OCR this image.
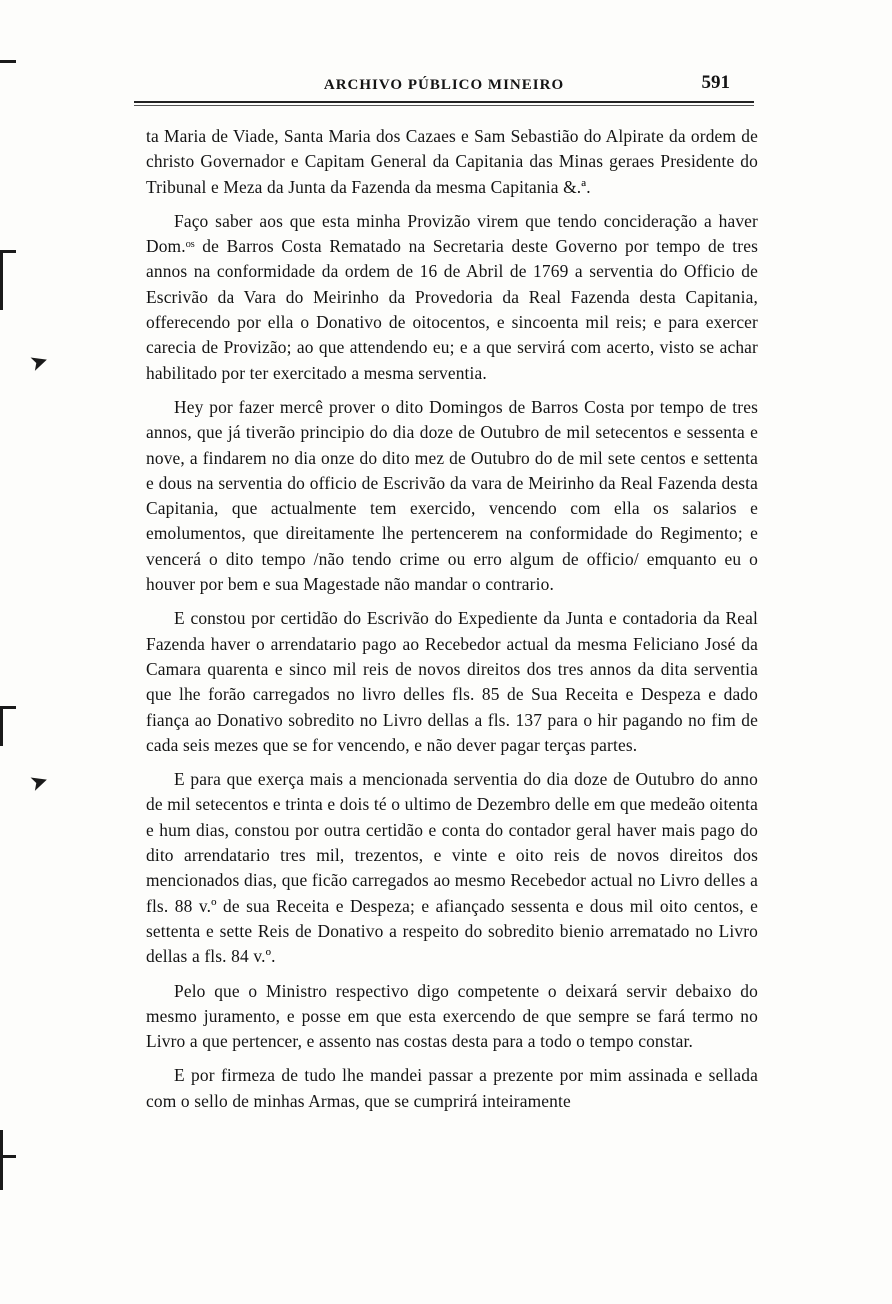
➤
➤
ARCHIVO PÚBLICO MINEIRO	591

ta Maria de Viade, Santa Maria dos Cazaes e Sam Sebastião do Alpirate da ordem de christo Governador e Capitam General da Capitania das Minas geraes Presidente do Tribunal e Meza da Junta da Fazenda da mesma Capitania &.ª.

Faço saber aos que esta minha Provizão virem que tendo concideração a haver Dom.ᵒˢ de Barros Costa Rematado na Secretaria deste Governo por tempo de tres annos na conformidade da ordem de 16 de Abril de 1769 a serventia do Officio de Escrivão da Vara do Meirinho da Provedoria da Real Fazenda desta Capitania, offerecendo por ella o Donativo de oitocentos, e sincoenta mil reis; e para exercer carecia de Provizão; ao que attendendo eu; e a que servirá com acerto, visto se achar habilitado por ter exercitado a mesma serventia.

Hey por fazer mercê prover o dito Domingos de Barros Costa por tempo de tres annos, que já tiverão principio do dia doze de Outubro de mil setecentos e sessenta e nove, a findarem no dia onze do dito mez de Outubro do de mil sete centos e settenta e dous na serventia do officio de Escrivão da vara de Meirinho da Real Fazenda desta Capitania, que actualmente tem exercido, vencendo com ella os salarios e emolumentos, que direitamente lhe pertencerem na conformidade do Regimento; e vencerá o dito tempo /não tendo crime ou erro algum de officio/ emquanto eu o houver por bem e sua Magestade não mandar o contrario.

E constou por certidão do Escrivão do Expediente da Junta e contadoria da Real Fazenda haver o arrendatario pago ao Recebedor actual da mesma Feliciano José da Camara quarenta e sinco mil reis de novos direitos dos tres annos da dita serventia que lhe forão carregados no livro delles fls. 85 de Sua Receita e Despeza e dado fiança ao Donativo sobredito no Livro dellas a fls. 137 para o hir pagando no fim de cada seis mezes que se for vencendo, e não dever pagar terças partes.

E para que exerça mais a mencionada serventia do dia doze de Outubro do anno de mil setecentos e trinta e dois té o ultimo de Dezembro delle em que medeão oitenta e hum dias, constou por outra certidão e conta do contador geral haver mais pago do dito arrendatario tres mil, trezentos, e vinte e oito reis de novos direitos dos mencionados dias, que ficão carregados ao mesmo Recebedor actual no Livro delles a fls. 88 v.º de sua Receita e Despeza; e afiançado sessenta e dous mil oito centos, e settenta e sette Reis de Donativo a respeito do sobredito bienio arrematado no Livro dellas a fls. 84 v.º.

Pelo que o Ministro respectivo digo competente o deixará servir debaixo do mesmo juramento, e posse em que esta exercendo de que sempre se fará termo no Livro a que pertencer, e assento nas costas desta para a todo o tempo constar.

E por firmeza de tudo lhe mandei passar a prezente por mim assinada e sellada com o sello de minhas Armas, que se cumprirá inteiramente
